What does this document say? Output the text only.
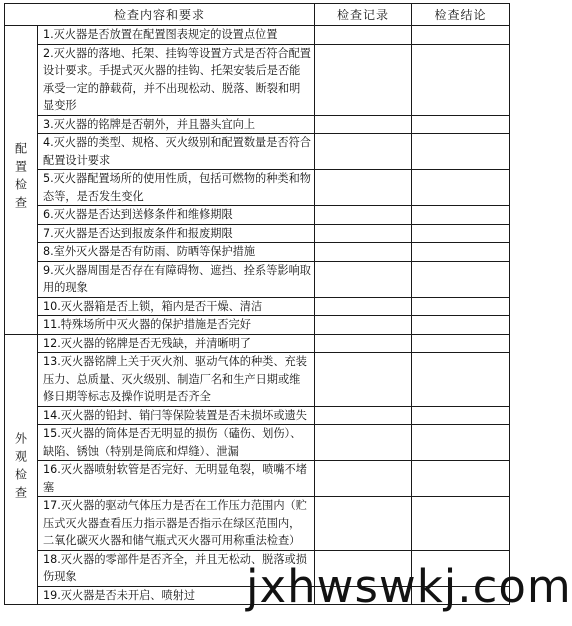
检查内容和要求		检查记录	检查结论
配置检查	1.灭火器是否放置在配置图表规定的设置点位置		
	2.灭火器的落地、托架、挂钩等设置方式是否符合配置设计要求。手提式灭火器的挂钩、托架安装后是否能承受一定的静载荷，并不出现松动、脱落、断裂和明显变形		
	3.灭火器的铭牌是否朝外，并且器头宜向上		
	4.灭火器的类型、规格、灭火级别和配置数量是否符合配置设计要求		
	5.灭火器配置场所的使用性质，包括可燃物的种类和物态等，是否发生变化		
	6.灭火器是否达到送修条件和维修期限		
	7.灭火器是否达到报废条件和报废期限		
	8.室外灭火器是否有防雨、防晒等保护措施		
	9.灭火器周围是否存在有障碍物、遮挡、拴系等影响取用的现象		
	10.灭火器箱是否上锁，箱内是否干燥、清洁		
	11.特殊场所中灭火器的保护措施是否完好		
外观检查	12.灭火器的铭牌是否无残缺，并清晰明了		
	13.灭火器铭牌上关于灭火剂、驱动气体的种类、充装压力、总质量、灭火级别、制造厂名和生产日期或维修日期等标志及操作说明是否齐全		
	14.灭火器的铅封、销闩等保险装置是否未损坏或遗失		
	15.灭火器的筒体是否无明显的损伤（磕伤、划伤）、缺陷、锈蚀（特别是筒底和焊缝）、泄漏		
	16.灭火器喷射软管是否完好、无明显龟裂，喷嘴不堵塞		
	17.灭火器的驱动气体压力是否在工作压力范围内（贮压式灭火器查看压力指示器是否指示在绿区范围内，二氧化碳灭火器和储气瓶式灭火器可用称重法检查）		
	18.灭火器的零部件是否齐全，并且无松动、脱落或损伤现象		
	19.灭火器是否未开启、喷射过		jxhwswkj.com
